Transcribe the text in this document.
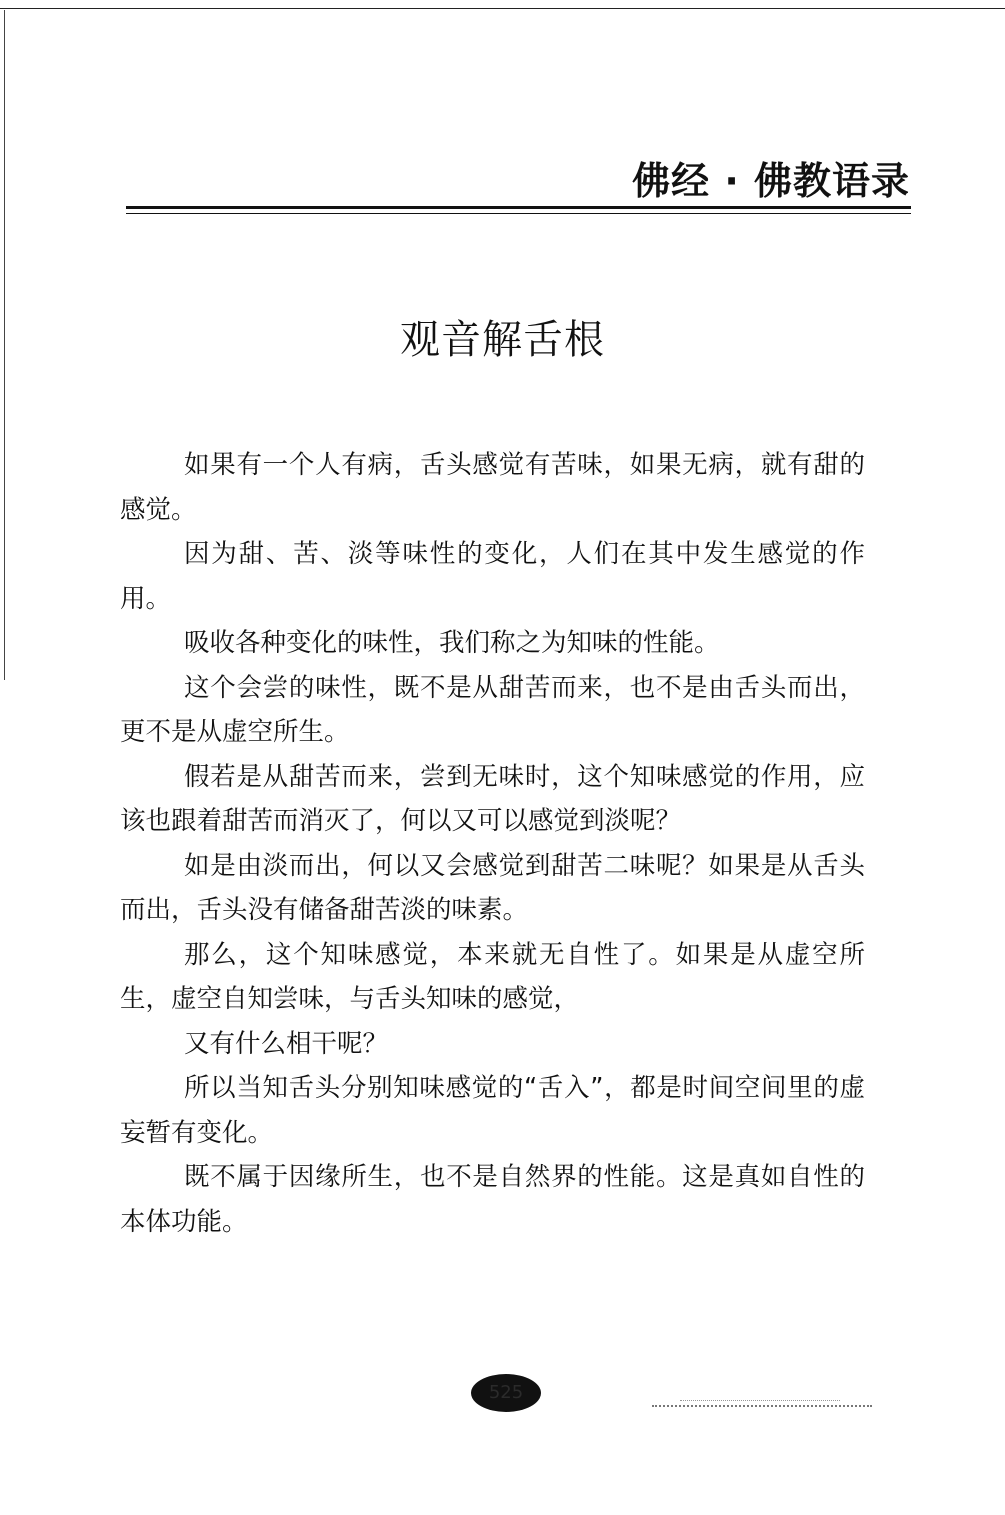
佛经 · 佛教语录
观音解舌根

如果有一个人有病，舌头感觉有苦味，如果无病，就有甜的感觉。

因为甜、苦、淡等味性的变化，人们在其中发生感觉的作用。

吸收各种变化的味性，我们称之为知味的性能。

这个会尝的味性，既不是从甜苦而来，也不是由舌头而出，更不是从虚空所生。

假若是从甜苦而来，尝到无味时，这个知味感觉的作用，应该也跟着甜苦而消灭了，何以又可以感觉到淡呢？

如是由淡而出，何以又会感觉到甜苦二味呢？如果是从舌头而出，舌头没有储备甜苦淡的味素。

那么，这个知味感觉，本来就无自性了。如果是从虚空所生，虚空自知尝味，与舌头知味的感觉，

又有什么相干呢？

所以当知舌头分别知味感觉的“舌入”，都是时间空间里的虚妄暂有变化。

既不属于因缘所生，也不是自然界的性能。这是真如自性的本体功能。

525
